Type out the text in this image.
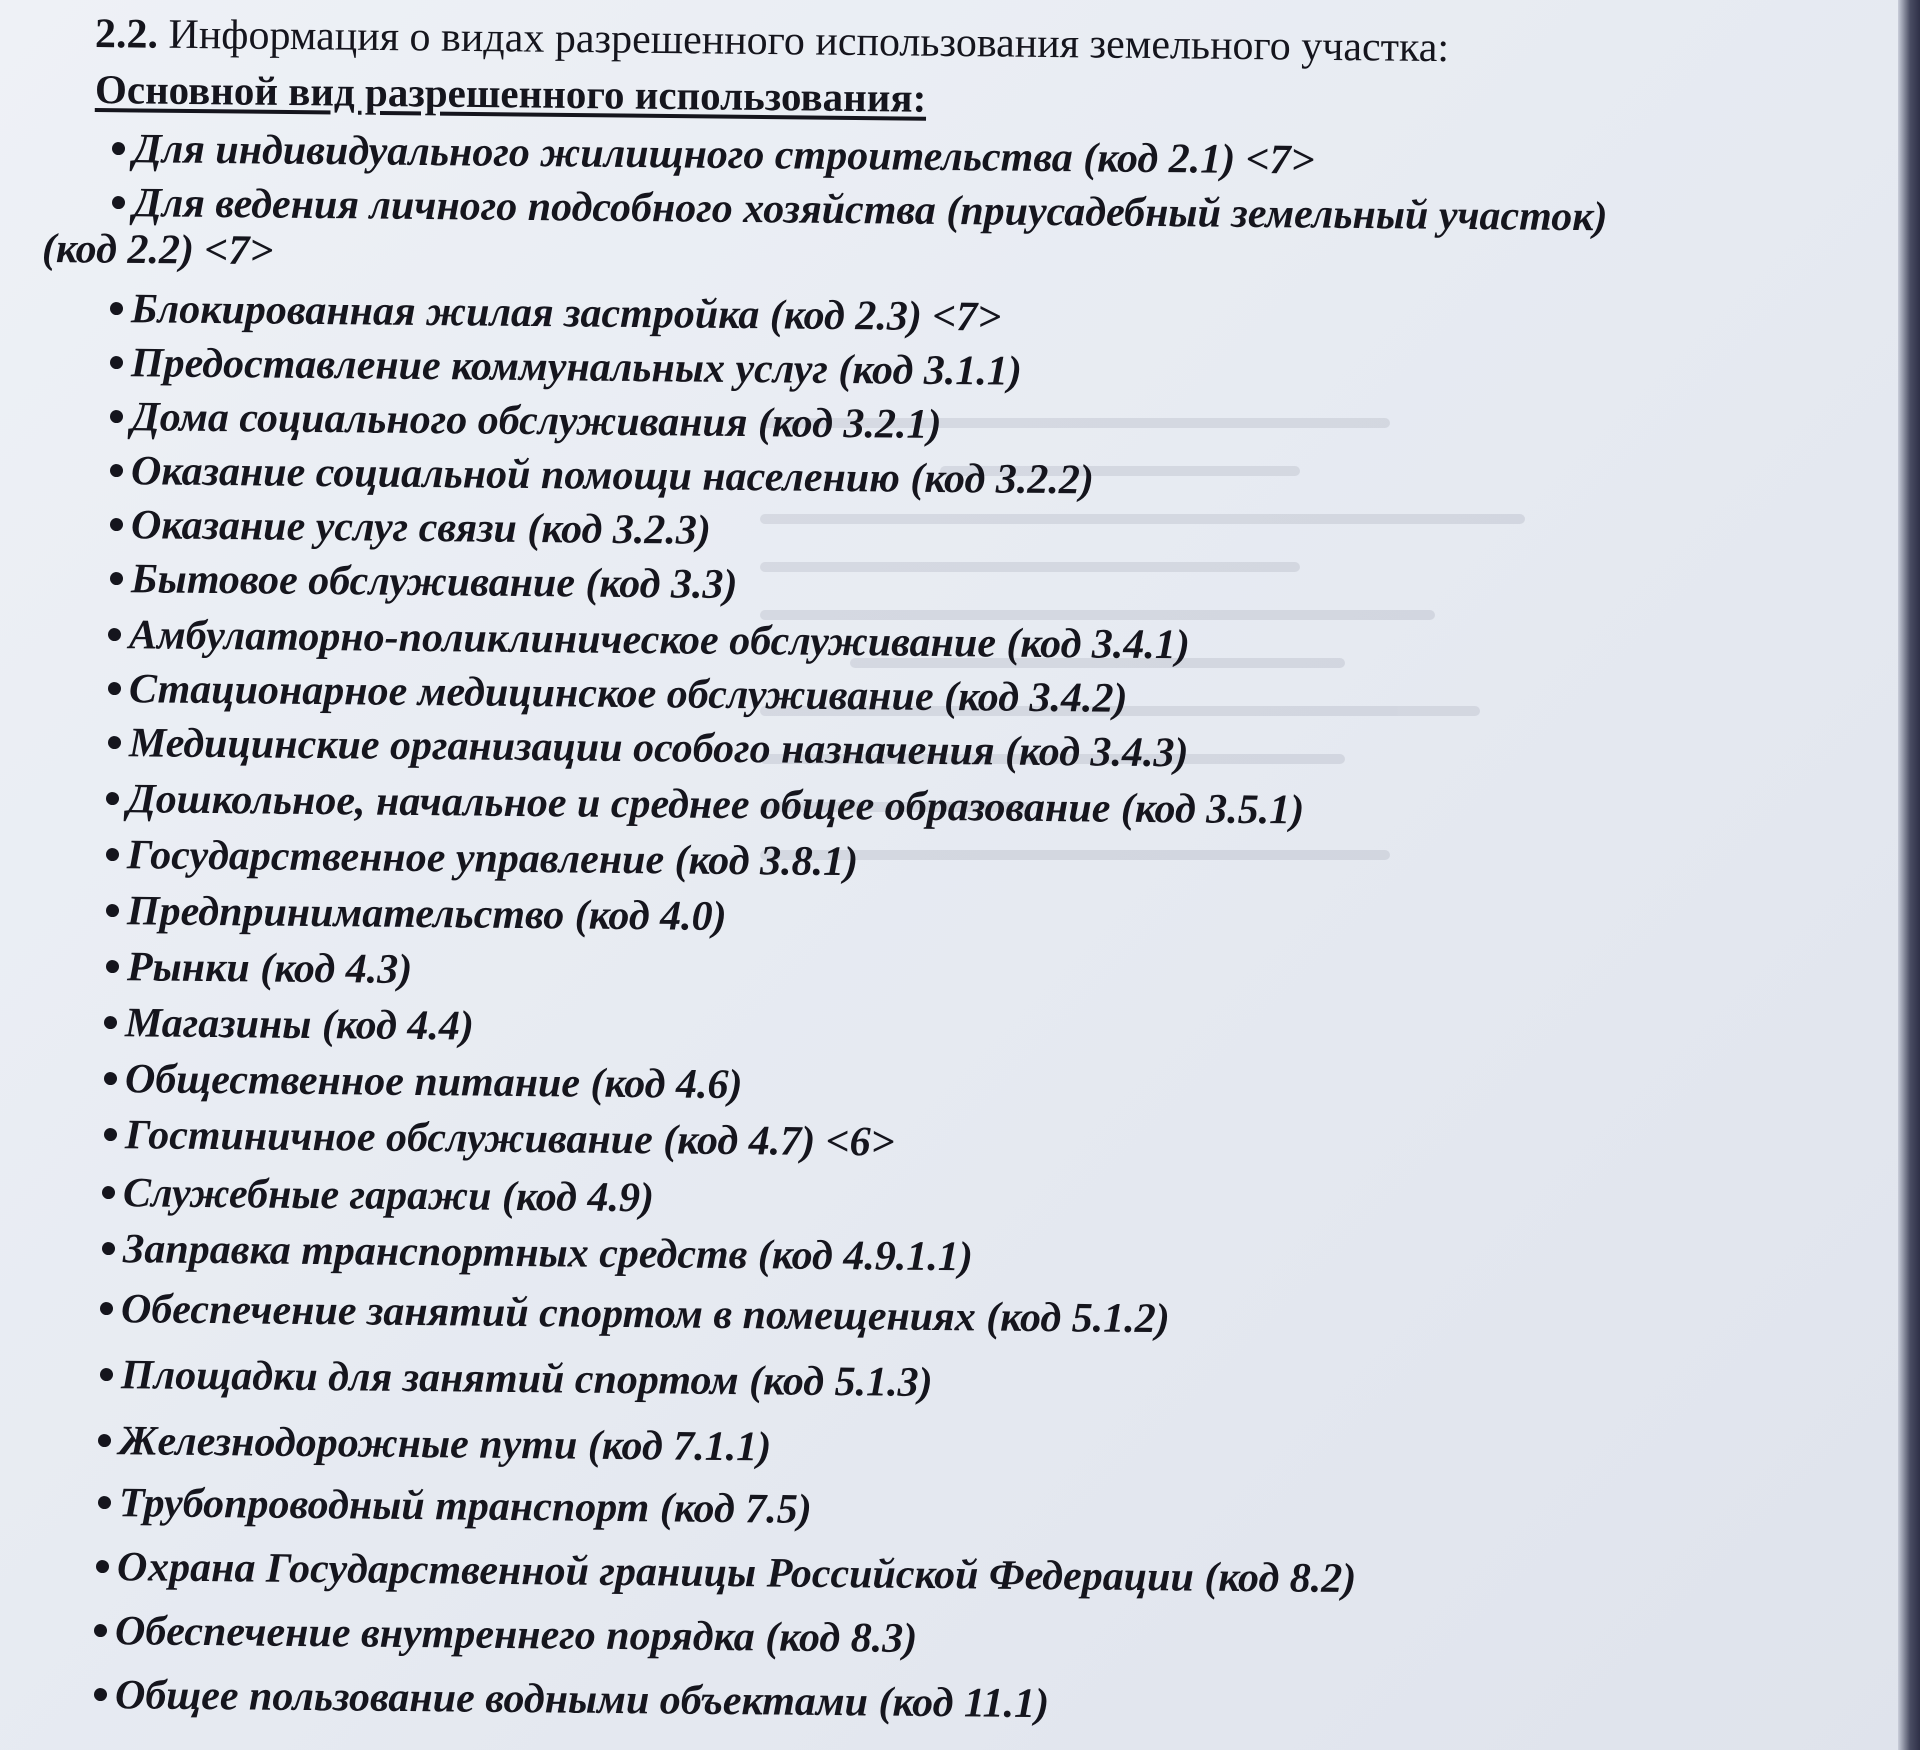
2.2. Информация о видах разрешенного использования земельного участка:
Основной вид разрешенного использования:
Для индивидуального жилищного строительства (код 2.1) <7>
Для ведения личного подсобного хозяйства (приусадебный земельный участок)
Блокированная жилая застройка (код 2.3) <7>
Предоставление коммунальных услуг (код 3.1.1)
Дома социального обслуживания (код 3.2.1)
Оказание социальной помощи населению (код 3.2.2)
Оказание услуг связи (код 3.2.3)
Бытовое обслуживание (код 3.3)
Амбулаторно-поликлиническое обслуживание (код 3.4.1)
Стационарное медицинское обслуживание (код 3.4.2)
Медицинские организации особого назначения (код 3.4.3)
Дошкольное, начальное и среднее общее образование (код 3.5.1)
Государственное управление (код 3.8.1)
Предпринимательство (код 4.0)
Рынки (код 4.3)
Магазины (код 4.4)
Общественное питание (код 4.6)
Гостиничное обслуживание (код 4.7) <6>
Служебные гаражи (код 4.9)
Заправка транспортных средств (код 4.9.1.1)
Обеспечение занятий спортом в помещениях (код 5.1.2)
Площадки для занятий спортом (код 5.1.3)
Железнодорожные пути (код 7.1.1)
Трубопроводный транспорт (код 7.5)
Охрана Государственной границы Российской Федерации (код 8.2)
Обеспечение внутреннего порядка (код 8.3)
Общее пользование водными объектами (код 11.1)
(код 2.2) <7>
